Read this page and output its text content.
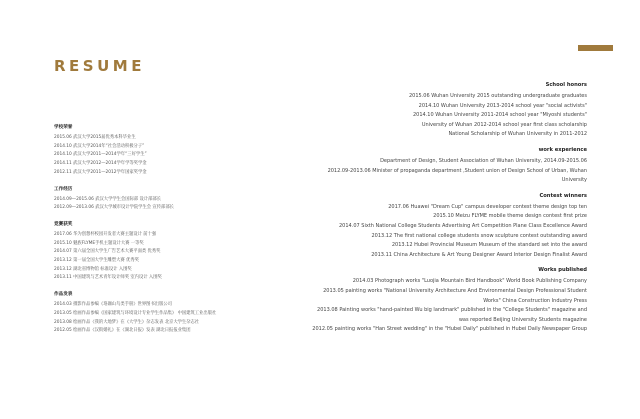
RESUME
学校荣誉
2015.06 武汉大学2015届优秀本科毕业生
2014.10 武汉大学2014年“社会活动积极分子”
2014.10 武汉大学2011—2014学年“三好学生”
2014.11 武汉大学2012—2014学年学等奖学金
2012.11 武汉大学2011—2012学年国家奖学金
工作经历
2014.09—2015.06 武汉大学学生会国际部 设计部部长
2012.09—2013.06 武汉大学城市设计学院学生会 宣传部部长
竞赛获奖
2017.06 华为创想杯校园开发者大赛主题设计 前十强
2015.10 魅族FLYME手机主题设计大赛 一等奖
2014.07 第六届全国大学生广告艺术大赛平面类 优秀奖
2013.12 第一届全国大学生雕塑大赛 优秀奖
2013.12 湖北省博物馆 标准设计 入围奖
2013.11 中国建筑与艺术青年设计师奖 室内设计 入围奖
作品发表
2014.03 摄影作品参编《珞珈山鸟类手册》世界图书出版公司
2013.05 绘画作品参编《国家建筑与环境设计专业学生作品集》 中国建筑工业出版社
2013.08 绘画作品《我的大地梦》在《大学生》杂志发表 北京大学生杂志社
2012.05 绘画作品《汉街婚礼》在《湖北日报》发表 湖北日报报业集团
School honors
2015.06 Wuhan University 2015 outstanding undergraduate graduates
2014.10 Wuhan University 2013-2014 school year "social activists"
2014.10 Wuhan University 2011-2014 school year "Miyoshi students"
University of Wuhan 2012-2014 school year first class scholarship
National Scholarship of Wuhan University in 2011-2012
work experience
Department of Design, Student Association of Wuhan University, 2014.09-2015.06
2012.09-2013.06 Minister of propaganda department ,Student union of Design School of Urban, Wuhan University
Contest winners
2017.06 Huawei "Dream Cup" campus developer contest theme design top ten
2015.10 Meizu FLYME mobile theme design contest first prize
2014.07 Sixth National College Students Advertising Art Competition Plane Class Excellence Award
2013.12 The first national college students snow sculpture contest outstanding award
2013.12 Hubei Provincial Museum Museum of the standard set into the award
2013.11 China Architecture & Art Young Designer Award Interior Design Finalist Award
Works published
2014.03 Photograph works "Luojia Mountain Bird Handbook" World Book Publishing Company
2013.05 painting works "National University Architecture And Environmental Design Professional Student Works" China Construction Industry Press
2013.08 Painting works "hand-painted Wu big landmark" published in the "College Students" magazine and was reported Beijing University Students magazine
2012.05 painting works "Han Street wedding" in the "Hubei Daily" published in Hubei Daily Newspaper Group
